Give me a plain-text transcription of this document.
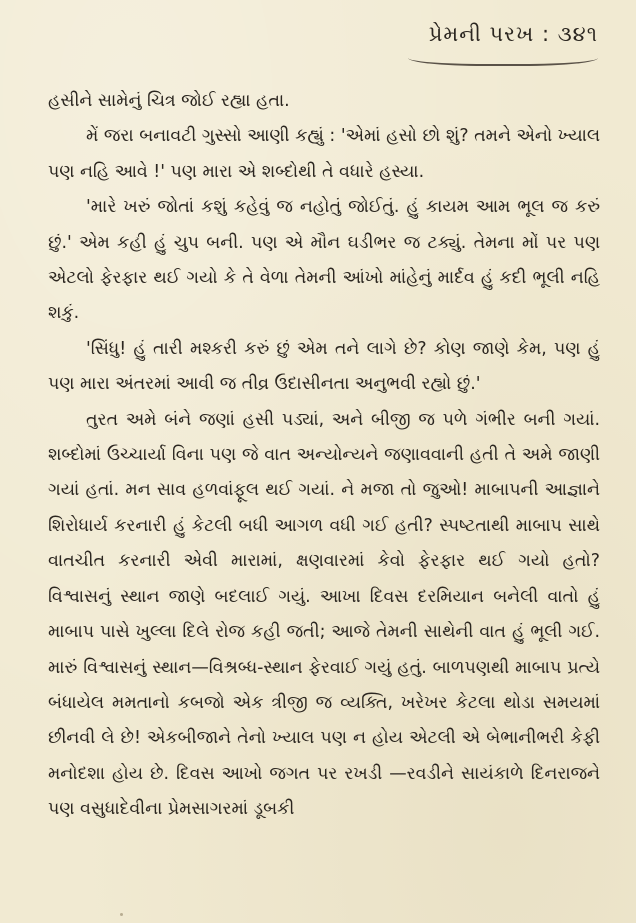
પ્રેમની પરખ : ૩૪૧

હસીને સામેનું ચિત્ર જોઈ રહ્યા હતા.

મેં જરા બનાવટી ગુસ્સો આણી કહ્યું : 'એમાં હસો છો શું? તમને એનો ખ્યાલ પણ નહિ આવે !' પણ મારા એ શબ્દોથી તે વધારે હસ્યા.

'મારે ખરું જોતાં કશું કહેવું જ નહોતું જોઈતું. હું કાયમ આમ ભૂલ જ કરું છું.' એમ કહી હું ચુપ બની. પણ એ મૌન ઘડીભર જ ટક્યું. તેમના મોં પર પણ એટલો ફેરફાર થઈ ગયો કે તે વેળા તેમની આંખો માંહેનું માર્દવ હું કદી ભૂલી નહિ શકું.

'સિંધુ! હું તારી મશ્કરી કરું છું એમ તને લાગે છે? કોણ જાણે કેમ, પણ હું પણ મારા અંતરમાં આવી જ તીવ્ર ઉદાસીનતા અનુભવી રહ્યો છું.'

તુરત અમે બંને જણાં હસી પડ્યાં, અને બીજી જ પળે ગંભીર બની ગયાં. શબ્દોમાં ઉચ્ચાર્યા વિના પણ જે વાત અન્યોન્યને જણાવવાની હતી તે અમે જાણી ગયાં હતાં. મન સાવ હળવાંફૂલ થઈ ગયાં. ને મજા તો જુઓ! માબાપની આજ્ઞાને શિરોધાર્ય કરનારી હું કેટલી બધી આગળ વધી ગઈ હતી? સ્પષ્ટતાથી માબાપ સાથે વાતચીત કરનારી એવી મારામાં, ક્ષણવારમાં કેવો ફેરફાર થઈ ગયો હતો? વિશ્વાસનું સ્થાન જાણે બદલાઈ ગયું. આખા દિવસ દરમિયાન બનેલી વાતો હું માબાપ પાસે ખુલ્લા દિલે રોજ કહી જતી; આજે તેમની સાથેની વાત હું ભૂલી ગઈ. મારું વિશ્વાસનું સ્થાન—વિશ્રબ્ધ-સ્થાન ફેરવાઈ ગયું હતું. બાળપણથી માબાપ પ્રત્યે બંધાયેલ મમતાનો કબજો એક ત્રીજી જ વ્યક્તિ, ખરેખર કેટલા થોડા સમયમાં છીનવી લે છે! એકબીજાને તેનો ખ્યાલ પણ ન હોય એટલી એ બેભાનીભરી કેફી મનોદશા હોય છે. દિવસ આખો જગત પર રખડી —રવડીને સાયંકાળે દિનરાજને પણ વસુધાદેવીના પ્રેમસાગરમાં ડૂબકી
